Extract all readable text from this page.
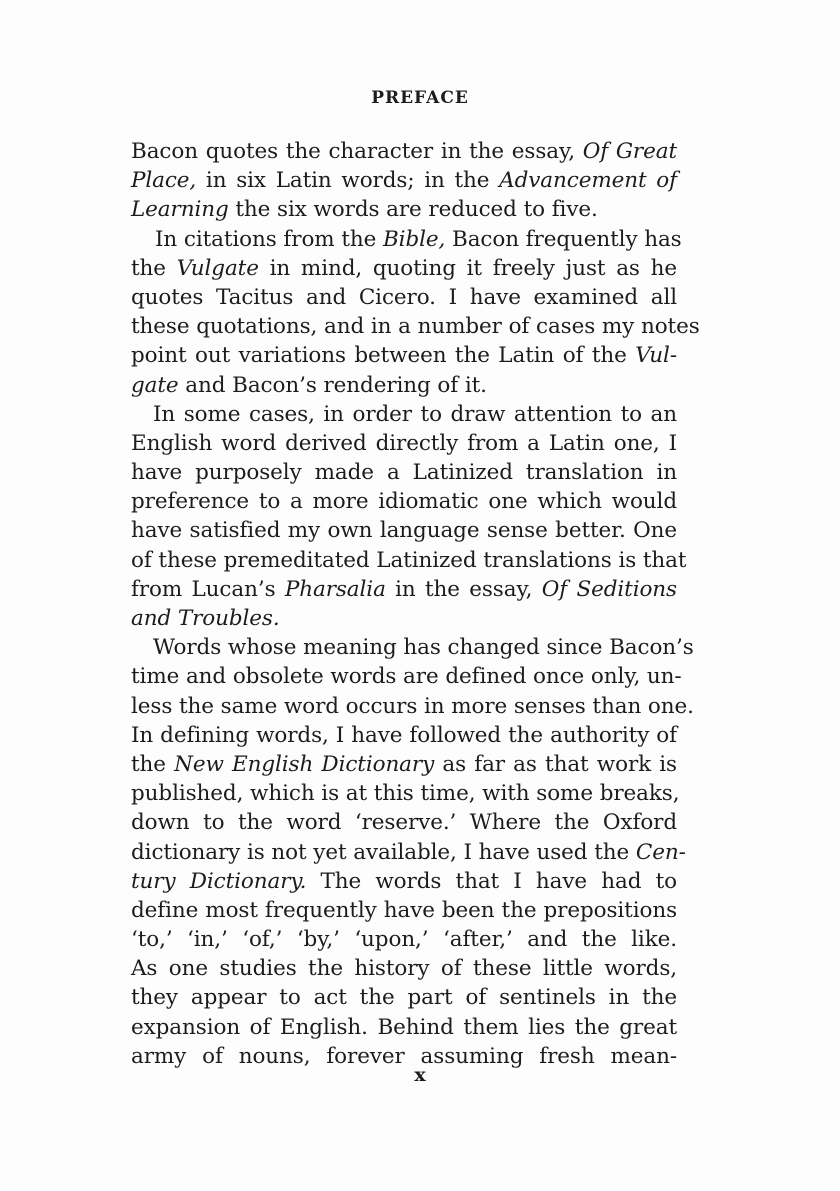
PREFACE
Bacon quotes the character in the essay, Of Great
Place, in six Latin words; in the Advancement of
Learning the six words are reduced to five.
In citations from the Bible, Bacon frequently has
the Vulgate in mind, quoting it freely just as he
quotes Tacitus and Cicero. I have examined all
these quotations, and in a number of cases my notes
point out variations between the Latin of the Vul-
gate and Bacon’s rendering of it.
In some cases, in order to draw attention to an
English word derived directly from a Latin one, I
have purposely made a Latinized translation in
preference to a more idiomatic one which would
have satisfied my own language sense better. One
of these premeditated Latinized translations is that
from Lucan’s Pharsalia in the essay, Of Seditions
and Troubles.
Words whose meaning has changed since Bacon’s
time and obsolete words are defined once only, un-
less the same word occurs in more senses than one.
In defining words, I have followed the authority of
the New English Dictionary as far as that work is
published, which is at this time, with some breaks,
down to the word ‘reserve.’ Where the Oxford
dictionary is not yet available, I have used the Cen-
tury Dictionary. The words that I have had to
define most frequently have been the prepositions
‘to,’ ‘in,’ ‘of,’ ‘by,’ ‘upon,’ ‘after,’ and the like.
As one studies the history of these little words,
they appear to act the part of sentinels in the
expansion of English. Behind them lies the great
army of nouns, forever assuming fresh mean-
x
